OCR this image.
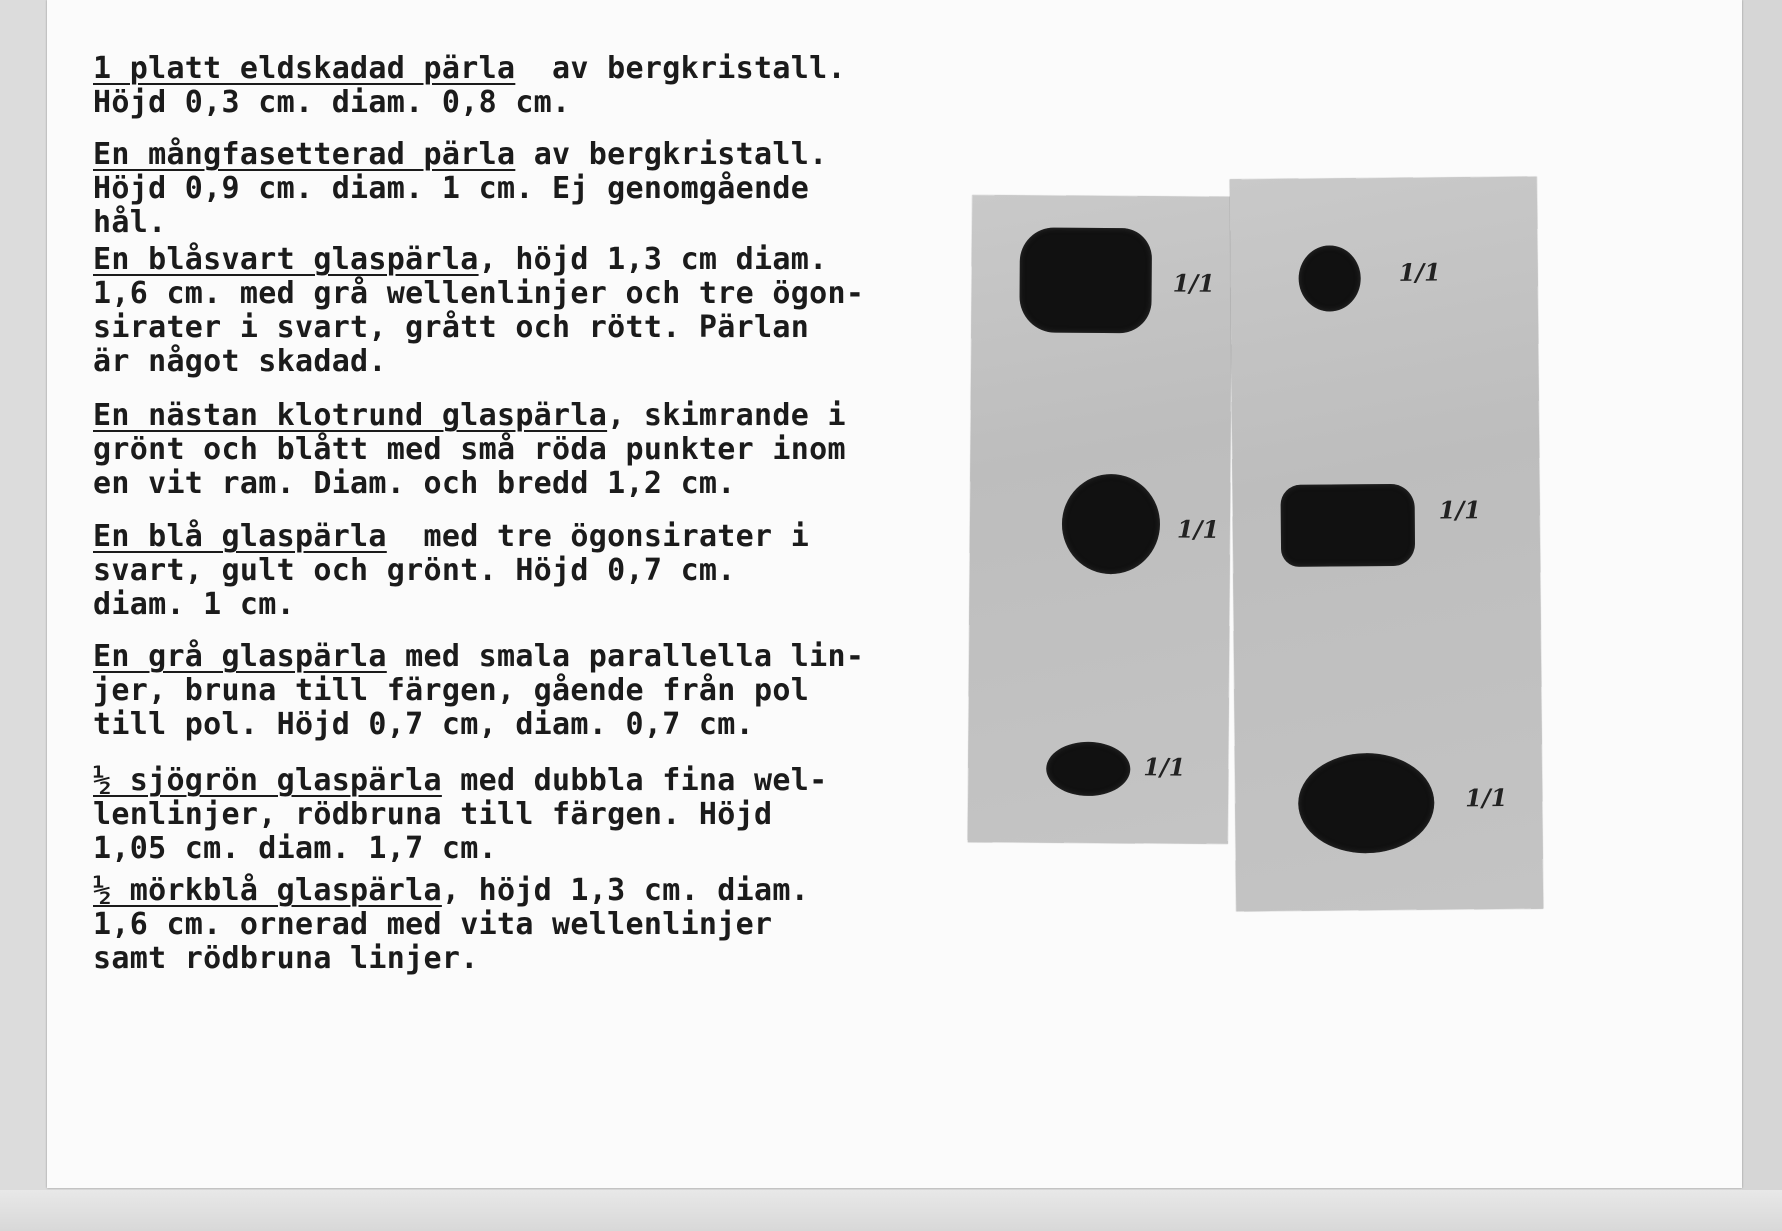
1 platt eldskadad pärla  av bergkristall.
Höjd 0,3 cm. diam. 0,8 cm.

En mångfasetterad pärla av bergkristall.
Höjd 0,9 cm. diam. 1 cm. Ej genomgående
hål.

En blåsvart glaspärla, höjd 1,3 cm diam.
1,6 cm. med grå wellenlinjer och tre ögon-
sirater i svart, grått och rött. Pärlan
är något skadad.

En nästan klotrund glaspärla, skimrande i
grönt och blått med små röda punkter inom
en vit ram. Diam. och bredd 1,2 cm.

En blå glaspärla  med tre ögonsirater i
svart, gult och grönt. Höjd 0,7 cm.
diam. 1 cm.

En grå glaspärla med smala parallella lin-
jer, bruna till färgen, gående från pol
till pol. Höjd 0,7 cm, diam. 0,7 cm.

½ sjögrön glaspärla med dubbla fina wel-
lenlinjer, rödbruna till färgen. Höjd
1,05 cm. diam. 1,7 cm.

½ mörkblå glaspärla, höjd 1,3 cm. diam.
1,6 cm. ornerad med vita wellenlinjer
samt rödbruna linjer.

1/1
1/1
1/1
1/1
1/1
1/1
